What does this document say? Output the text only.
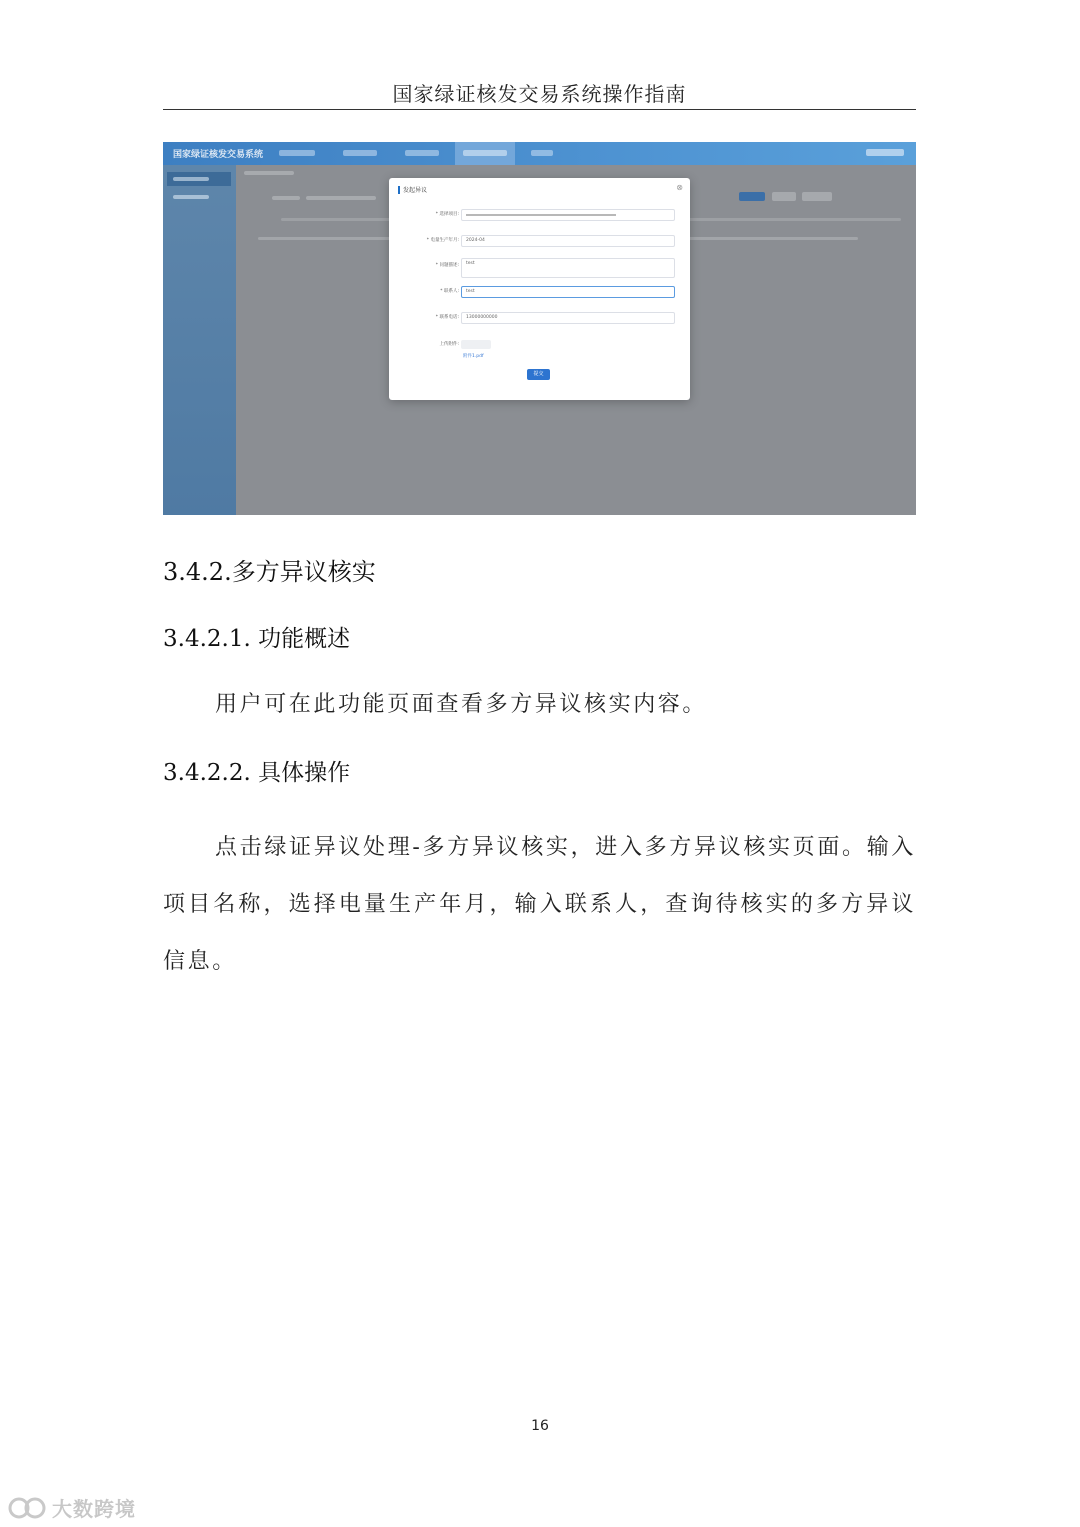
国家绿证核发交易系统操作指南
国家绿证核发交易系统
发起异议	⊗
* 选择项目:
* 电量生产年月: 2024-04
* 问题描述: test
* 联系人: test
* 联系电话: 13000000000
上传附件:
附件1.pdf
提交
3.4.2.多方异议核实
3.4.2.1. 功能概述
用户可在此功能页面查看多方异议核实内容。
3.4.2.2. 具体操作
点击绿证异议处理-多方异议核实，进入多方异议核实页面。输入项目名称，选择电量生产年月，输入联系人，查询待核实的多方异议信息。
16
大数跨境
